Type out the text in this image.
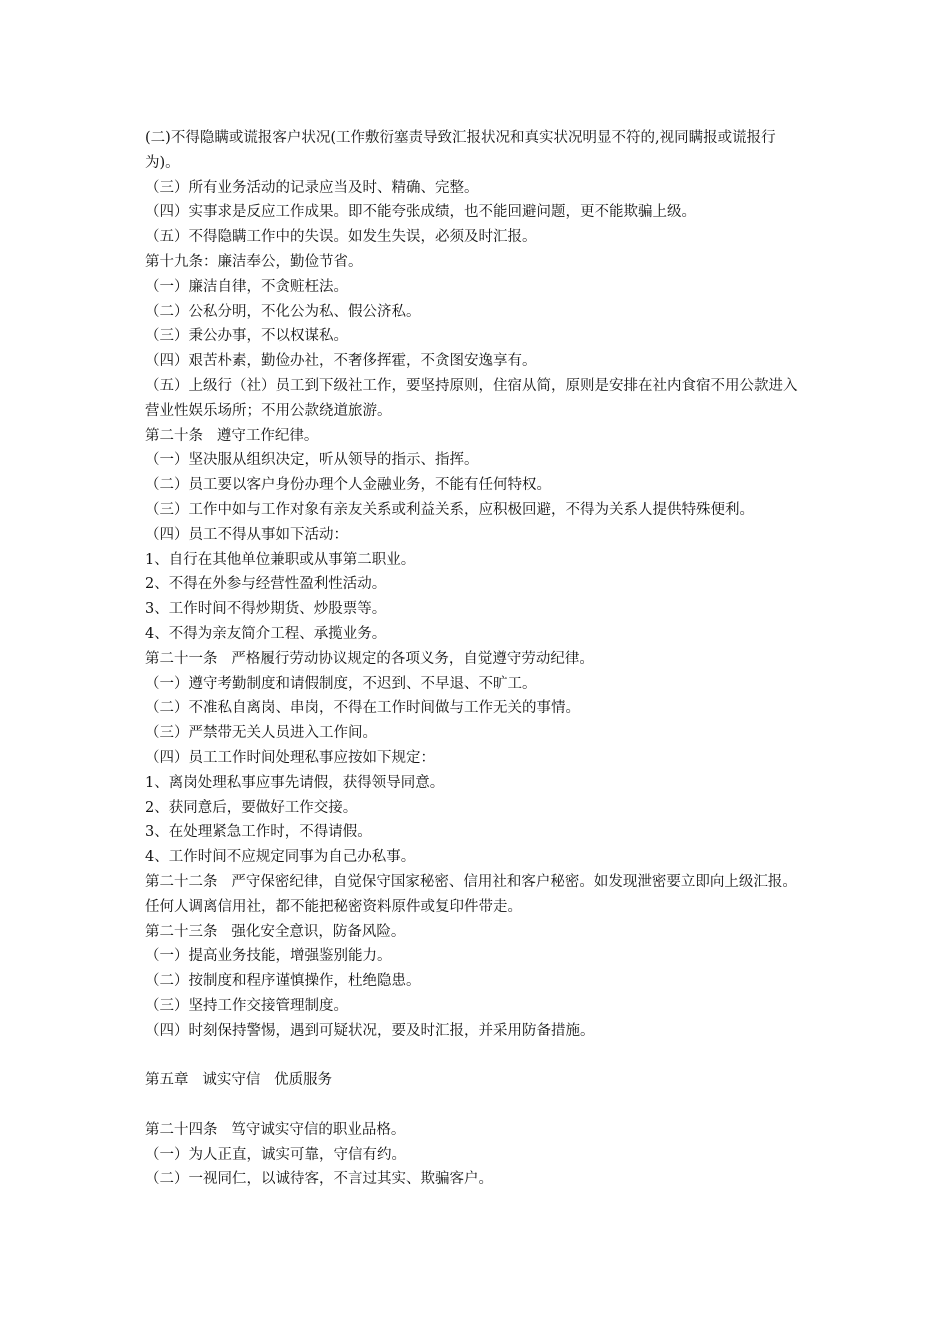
(二)不得隐瞒或谎报客户状况(工作敷衍塞责导致汇报状况和真实状况明显不符的,视同瞒报或谎报行为)。
（三）所有业务活动的记录应当及时、精确、完整。
（四）实事求是反应工作成果。即不能夸张成绩，也不能回避问题，更不能欺骗上级。
（五）不得隐瞒工作中的失误。如发生失误，必须及时汇报。
第十九条：廉洁奉公，勤俭节省。
（一）廉洁自律，不贪赃枉法。
（二）公私分明，不化公为私、假公济私。
（三）秉公办事，不以权谋私。
（四）艰苦朴素，勤俭办社，不奢侈挥霍，不贪图安逸享有。
（五）上级行（社）员工到下级社工作，要坚持原则，住宿从简，原则是安排在社内食宿不用公款进入营业性娱乐场所；不用公款绕道旅游。
第二十条   遵守工作纪律。
（一）坚决服从组织决定，听从领导的指示、指挥。
（二）员工要以客户身份办理个人金融业务，不能有任何特权。
（三）工作中如与工作对象有亲友关系或利益关系，应积极回避，不得为关系人提供特殊便利。
（四）员工不得从事如下活动：
1、自行在其他单位兼职或从事第二职业。
2、不得在外参与经营性盈利性活动。
3、工作时间不得炒期货、炒股票等。
4、不得为亲友简介工程、承揽业务。
第二十一条   严格履行劳动协议规定的各项义务，自觉遵守劳动纪律。
（一）遵守考勤制度和请假制度，不迟到、不早退、不旷工。
（二）不准私自离岗、串岗，不得在工作时间做与工作无关的事情。
（三）严禁带无关人员进入工作间。
（四）员工工作时间处理私事应按如下规定：
1、离岗处理私事应事先请假，获得领导同意。
2、获同意后，要做好工作交接。
3、在处理紧急工作时，不得请假。
4、工作时间不应规定同事为自己办私事。
第二十二条   严守保密纪律，自觉保守国家秘密、信用社和客户秘密。如发现泄密要立即向上级汇报。任何人调离信用社，都不能把秘密资料原件或复印件带走。
第二十三条   强化安全意识，防备风险。
（一）提高业务技能，增强鉴别能力。
（二）按制度和程序谨慎操作，杜绝隐患。
（三）坚持工作交接管理制度。
（四）时刻保持警惕，遇到可疑状况，要及时汇报，并采用防备措施。
第五章   诚实守信   优质服务
第二十四条   笃守诚实守信的职业品格。
（一）为人正直，诚实可靠，守信有约。
（二）一视同仁，以诚待客，不言过其实、欺骗客户。
